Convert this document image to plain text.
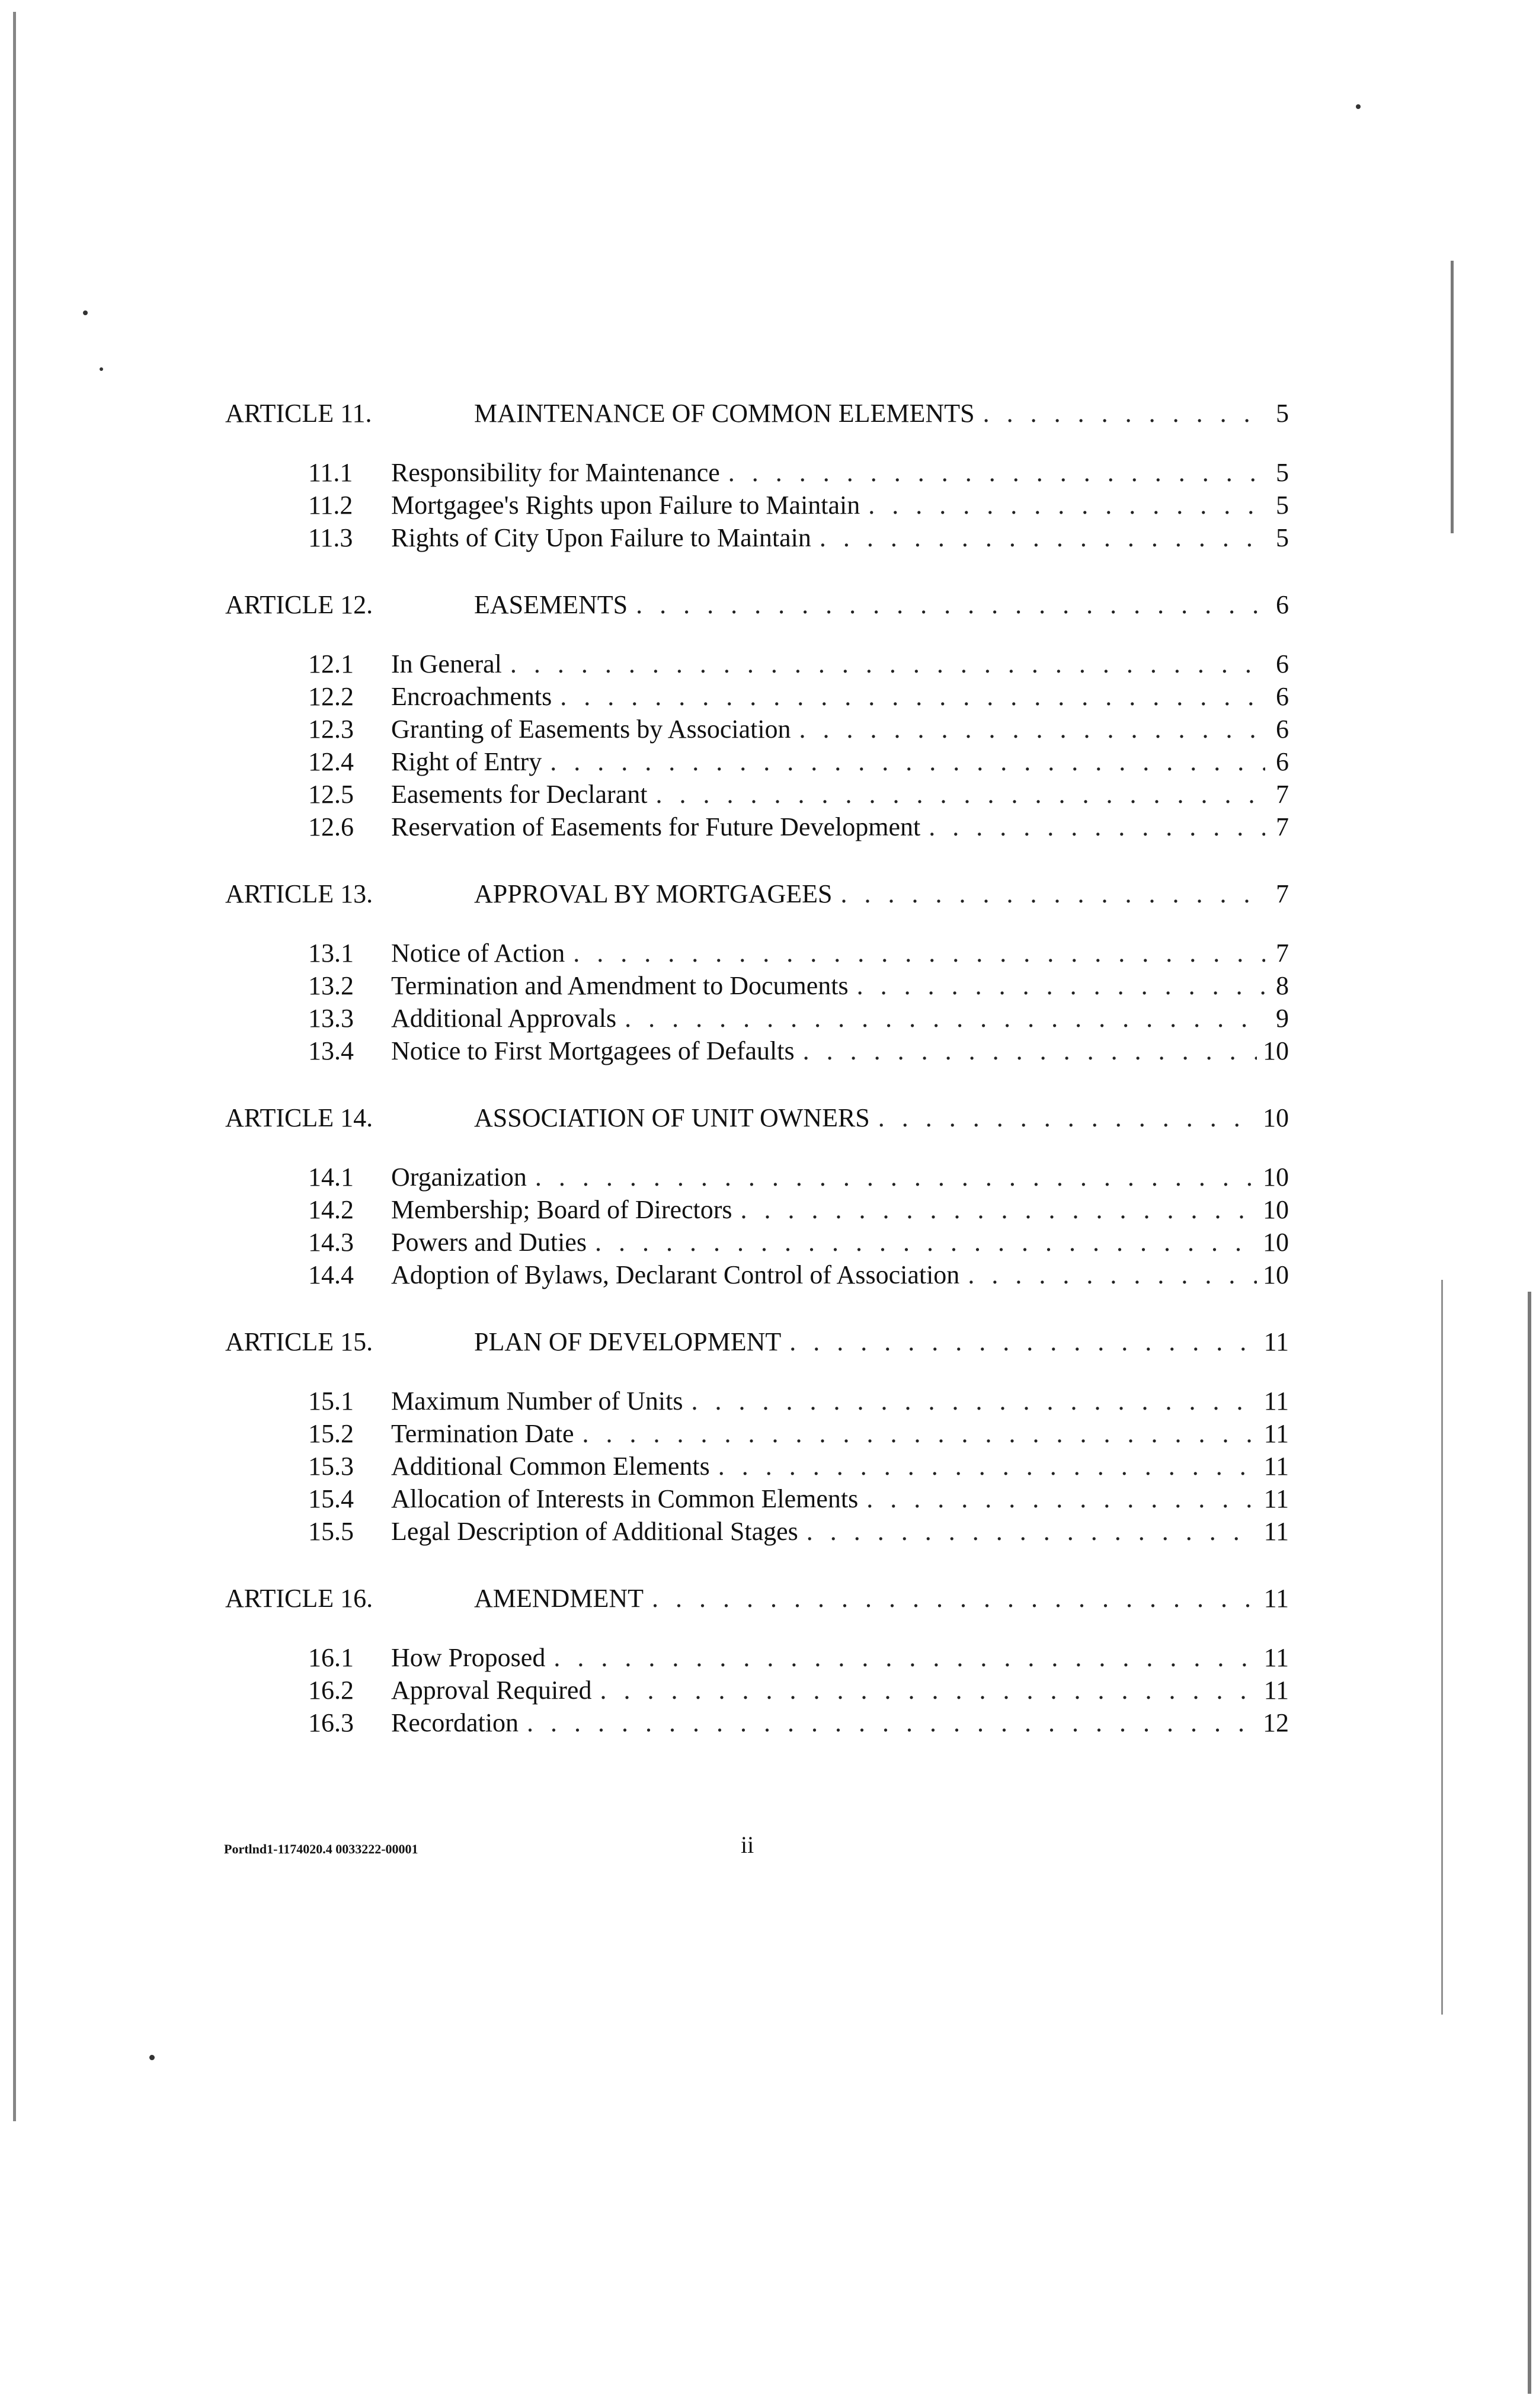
ARTICLE 11.	MAINTENANCE OF COMMON ELEMENTS . . .	5
11.1	Responsibility for Maintenance . . .	5
11.2	Mortgagee's Rights upon Failure to Maintain . . .	5
11.3	Rights of City Upon Failure to Maintain . . .	5
ARTICLE 12.	EASEMENTS . . .	6
12.1	In General . . .	6
12.2	Encroachments . . .	6
12.3	Granting of Easements by Association . . .	6
12.4	Right of Entry . . .	6
12.5	Easements for Declarant . . .	7
12.6	Reservation of Easements for Future Development . . .	7
ARTICLE 13.	APPROVAL BY MORTGAGEES . . .	7
13.1	Notice of Action . . .	7
13.2	Termination and Amendment to Documents . . .	8
13.3	Additional Approvals . . .	9
13.4	Notice to First Mortgagees of Defaults . . .	10
ARTICLE 14.	ASSOCIATION OF UNIT OWNERS . . .	10
14.1	Organization . . .	10
14.2	Membership; Board of Directors . . .	10
14.3	Powers and Duties . . .	10
14.4	Adoption of Bylaws, Declarant Control of Association . . .	10
ARTICLE 15.	PLAN OF DEVELOPMENT . . .	11
15.1	Maximum Number of Units . . .	11
15.2	Termination Date . . .	11
15.3	Additional Common Elements . . .	11
15.4	Allocation of Interests in Common Elements . . .	11
15.5	Legal Description of Additional Stages . . .	11
ARTICLE 16.	AMENDMENT . . .	11
16.1	How Proposed . . .	11
16.2	Approval Required . . .	11
16.3	Recordation . . .	12
Portlnd1-1174020.4 0033222-00001	ii
